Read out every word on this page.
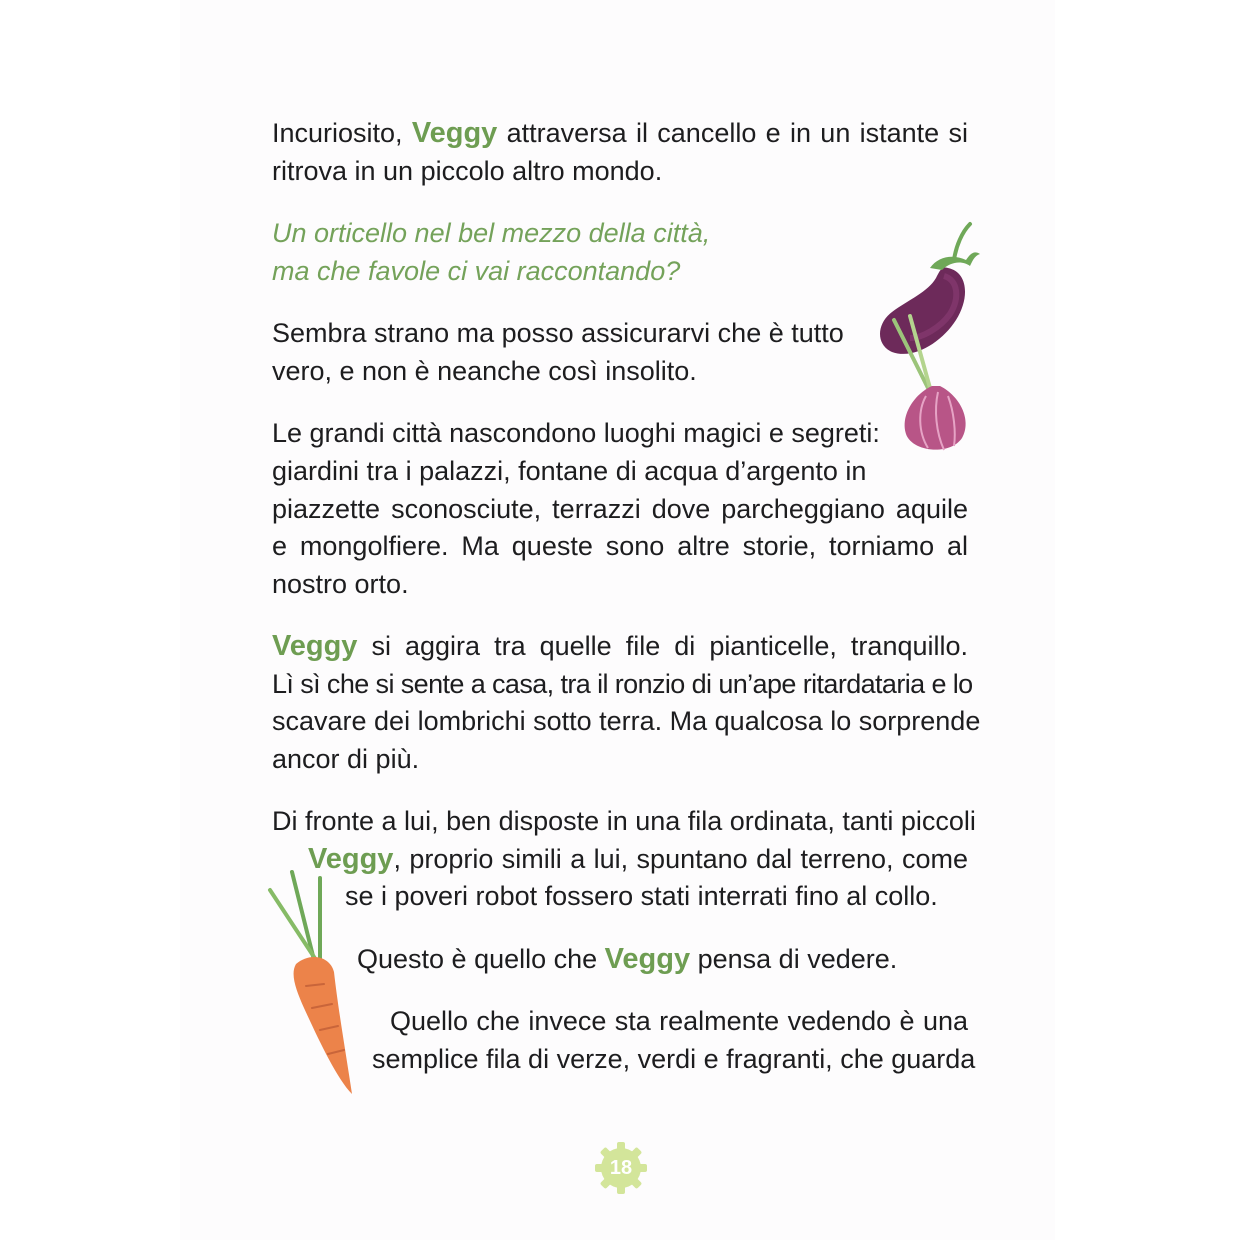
Incuriosito, Veggy attraversa il cancello e in un istante si

ritrova in un piccolo altro mondo.

Un orticello nel bel mezzo della città,

ma che favole ci vai raccontando?

Sembra strano ma posso assicurarvi che è tutto

vero, e non è neanche così insolito.

Le grandi città nascondono luoghi magici e segreti:

giardini tra i palazzi, fontane di acqua d’argento in

piazzette sconosciute, terrazzi dove parcheggiano aquile

e mongolfiere. Ma queste sono altre storie, torniamo al

nostro orto.

Veggy si aggira tra quelle file di pianticelle, tranquillo.

Lì sì che si sente a casa, tra il ronzio di un’ape ritardataria e lo

scavare dei lombrichi sotto terra. Ma qualcosa lo sorprende

ancor di più.

Di fronte a lui, ben disposte in una fila ordinata, tanti piccoli

Veggy, proprio simili a lui, spuntano dal terreno, come

se i poveri robot fossero stati interrati fino al collo.

Questo è quello che Veggy pensa di vedere.

Quello che invece sta realmente vedendo è una

semplice fila di verze, verdi e fragranti, che guarda

18
